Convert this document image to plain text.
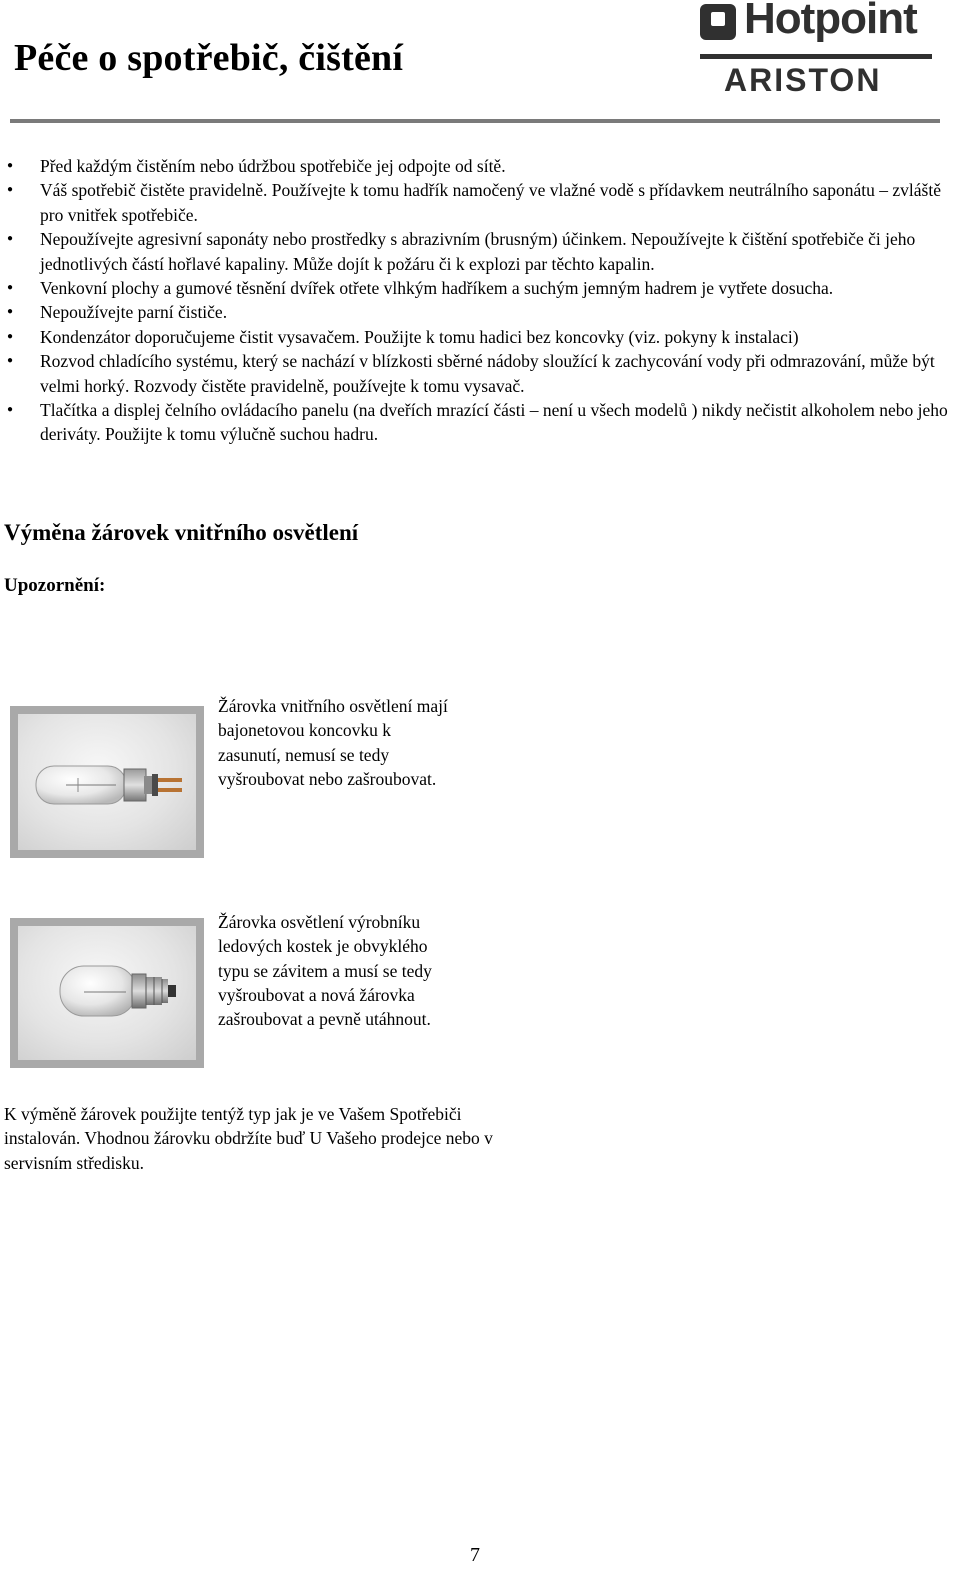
Péče o spotřebič, čištění
Hotpoint
ARISTON
● Před každým čistěním nebo údržbou spotřebiče jej odpojte od sítě.
● Váš spotřebič čistěte pravidelně. Používejte k tomu hadřík namočený ve vlažné vodě s přídavkem neutrálního saponátu – zvláště pro vnitřek spotřebiče.
● Nepoužívejte agresivní saponáty nebo prostředky s abrazivním (brusným) účinkem. Nepoužívejte k čištění spotřebiče či jeho jednotlivých částí hořlavé kapaliny. Může dojít k požáru či k explozi par těchto kapalin.
● Venkovní plochy a gumové těsnění dvířek otřete vlhkým hadříkem a suchým jemným hadrem je vytřete dosucha.
● Nepoužívejte parní čističe.
● Kondenzátor doporučujeme čistit vysavačem. Použijte k tomu hadici bez koncovky (viz. pokyny k instalaci)
● Rozvod chladícího systému, který se nachází v blízkosti sběrné nádoby sloužící k zachycování vody při odmrazování, může být velmi horký. Rozvody čistěte pravidelně, používejte k tomu vysavač.
● Tlačítka a displej čelního ovládacího panelu (na dveřích mrazící části – není u všech modelů ) nikdy nečistit alkoholem nebo jeho deriváty. Použijte k tomu výlučně suchou hadru.
Výměna žárovek vnitřního osvětlení
Upozornění:

Žárovka vnitřního osvětlení mají bajonetovou koncovku k zasunutí, nemusí se tedy vyšroubovat nebo zašroubovat.

Žárovka osvětlení výrobníku ledových kostek je obvyklého typu se závitem a musí se tedy vyšroubovat a nová žárovka zašroubovat a pevně utáhnout.

K výměně žárovek použijte tentýž typ jak je ve Vašem Spotřebiči instalován. Vhodnou žárovku obdržíte buď U Vašeho prodejce nebo v servisním středisku.

7
